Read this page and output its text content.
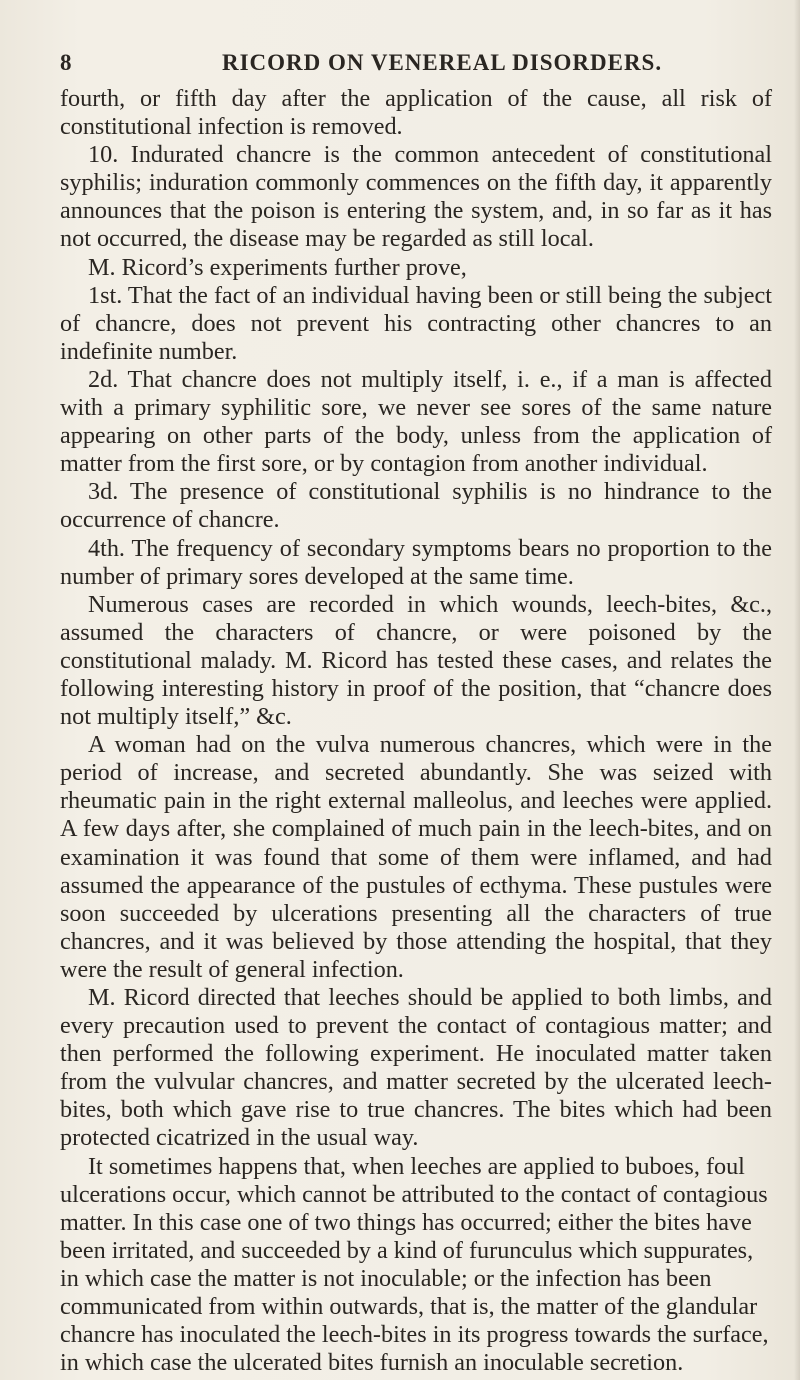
8	RICORD ON VENEREAL DISORDERS.

fourth, or fifth day after the application of the cause, all risk of constitutional infection is removed.

10. Indurated chancre is the common antecedent of constitutional syphilis; induration commonly commences on the fifth day, it apparently announces that the poison is entering the system, and, in so far as it has not occurred, the disease may be regarded as still local.

M. Ricord’s experiments further prove,

1st. That the fact of an individual having been or still being the subject of chancre, does not prevent his contracting other chancres to an indefinite number.

2d. That chancre does not multiply itself, i. e., if a man is affected with a primary syphilitic sore, we never see sores of the same nature appearing on other parts of the body, unless from the application of matter from the first sore, or by contagion from another individual.

3d. The presence of constitutional syphilis is no hindrance to the occurrence of chancre.

4th. The frequency of secondary symptoms bears no proportion to the number of primary sores developed at the same time.

Numerous cases are recorded in which wounds, leech-bites, &c., assumed the characters of chancre, or were poisoned by the constitutional malady. M. Ricord has tested these cases, and relates the following interesting history in proof of the position, that “chancre does not multiply itself,” &c.

A woman had on the vulva numerous chancres, which were in the period of increase, and secreted abundantly. She was seized with rheumatic pain in the right external malleolus, and leeches were applied. A few days after, she complained of much pain in the leech-bites, and on examination it was found that some of them were inflamed, and had assumed the appearance of the pustules of ecthyma. These pustules were soon succeeded by ulcerations presenting all the characters of true chancres, and it was believed by those attending the hospital, that they were the result of general infection.

M. Ricord directed that leeches should be applied to both limbs, and every precaution used to prevent the contact of contagious matter; and then performed the following experiment. He inoculated matter taken from the vulvular chancres, and matter secreted by the ulcerated leech-bites, both which gave rise to true chancres. The bites which had been protected cicatrized in the usual way.

It sometimes happens that, when leeches are applied to buboes, foul ulcerations occur, which cannot be attributed to the contact of contagious matter. In this case one of two things has occurred; either the bites have been irritated, and succeeded by a kind of furunculus which suppurates, in which case the matter is not inoculable; or the infection has been communicated from within outwards, that is, the matter of the glandular chancre has inoculated the leech-bites in its progress towards the surface, in which case the ulcerated bites furnish an inoculable secretion.
